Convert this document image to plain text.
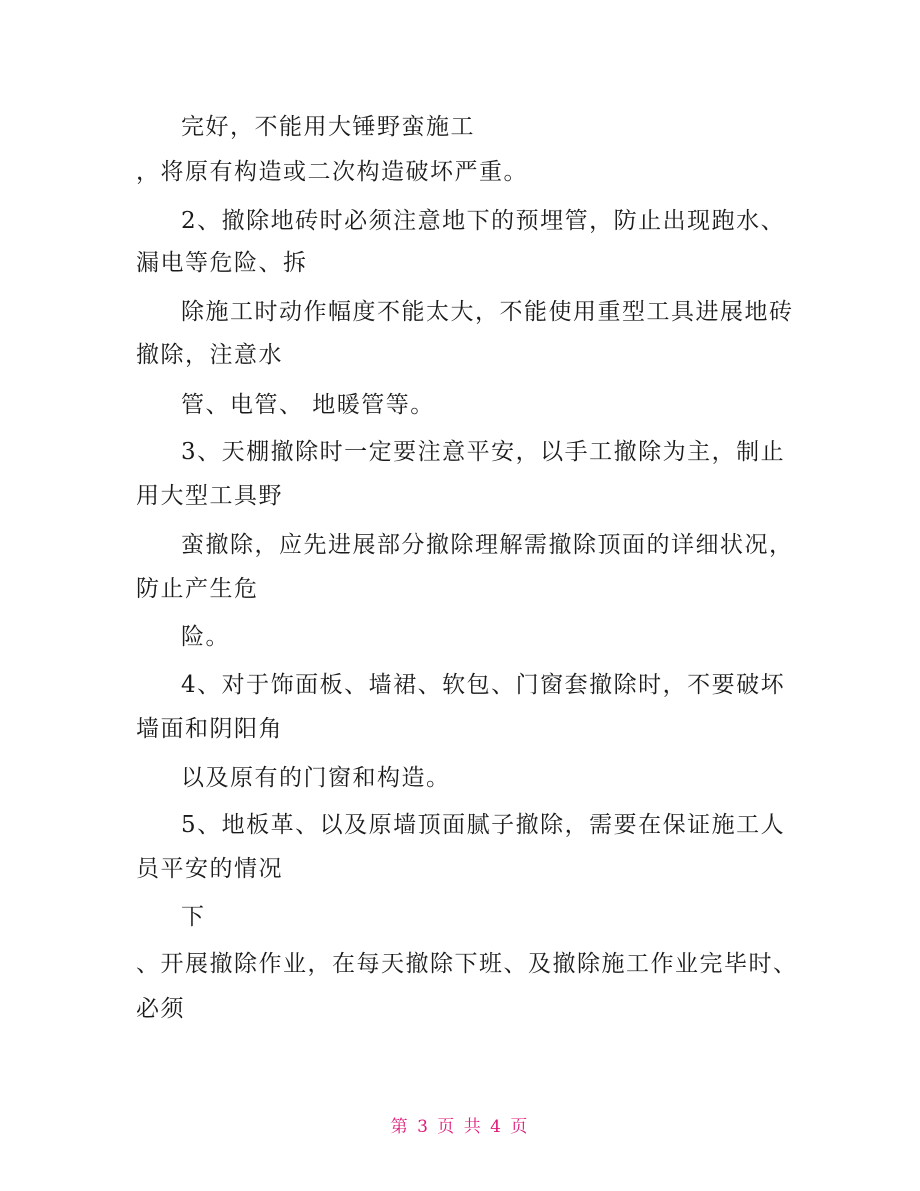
完好，不能用大锤野蛮施工
，将原有构造或二次构造破坏严重。
2、撤除地砖时必须注意地下的预埋管，防止出现跑水、
漏电等危险、拆
除施工时动作幅度不能太大，不能使用重型工具进展地砖
撤除，注意水
管、电管、 地暖管等。
3、天棚撤除时一定要注意平安，以手工撤除为主，制止
用大型工具野
蛮撤除，应先进展部分撤除理解需撤除顶面的详细状况，
防止产生危
险。
4、对于饰面板、墙裙、软包、门窗套撤除时，不要破坏
墙面和阴阳角
以及原有的门窗和构造。
5、地板革、以及原墙顶面腻子撤除，需要在保证施工人
员平安的情况
下
、开展撤除作业，在每天撤除下班、及撤除施工作业完毕时、
必须
第 3 页 共 4 页
